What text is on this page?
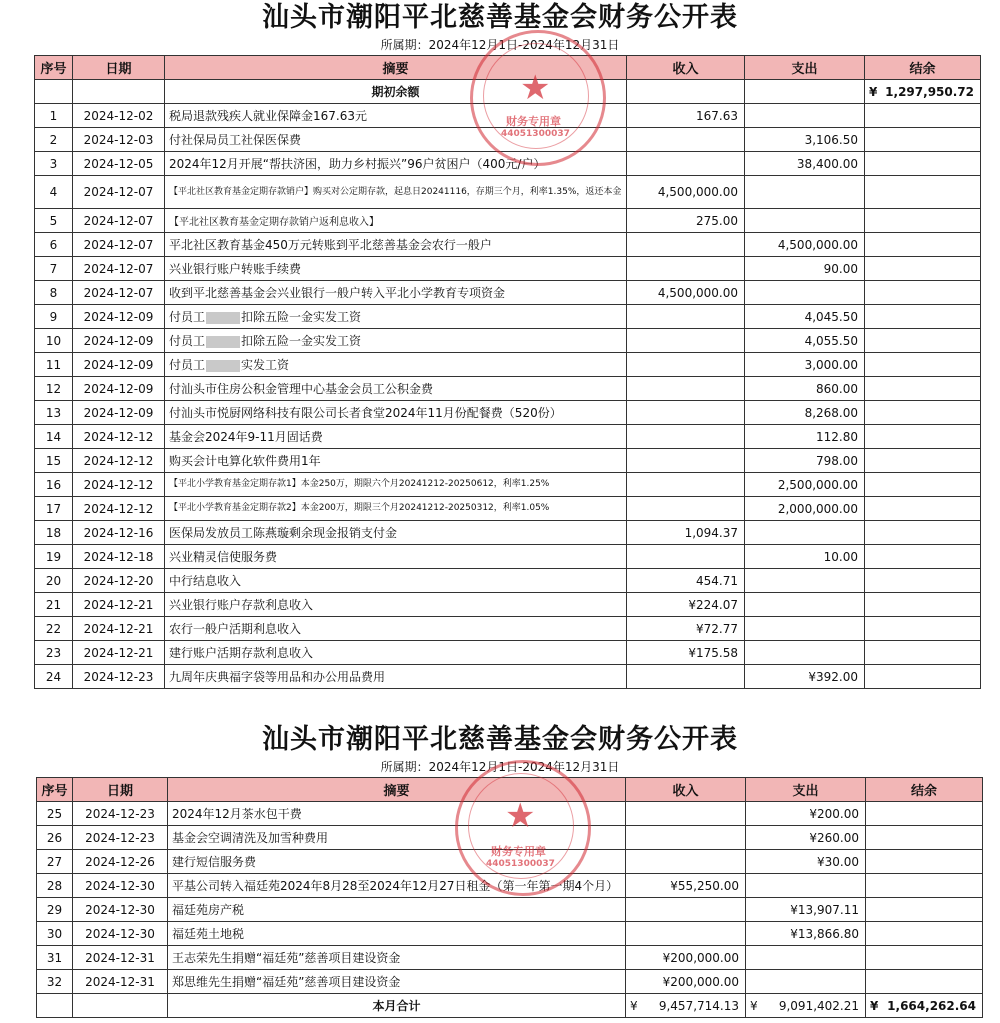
汕头市潮阳平北慈善基金会财务公开表
所属期：2024年12月1日-2024年12月31日
序号	日期	摘要	收入	支出	结余
		期初余额			¥ 1,297,950.72
1	2024-12-02	税局退款残疾人就业保障金167.63元	167.63		
2	2024-12-03	付社保局员工社保医保费		3,106.50	
3	2024-12-05	2024年12月开展“帮扶济困，助力乡村振兴”96户贫困户（400元/户）		38,400.00	
4	2024-12-07	【平北社区教育基金定期存款销户】购买对公定期存款，起息日20241116，存期三个月，利率1.35%，返还本金	4,500,000.00		
5	2024-12-07	【平北社区教育基金定期存款销户返利息收入】	275.00		
6	2024-12-07	平北社区教育基金450万元转账到平北慈善基金会农行一般户		4,500,000.00	
7	2024-12-07	兴业银行账户转账手续费		90.00	
8	2024-12-07	收到平北慈善基金会兴业银行一般户转入平北小学教育专项资金	4,500,000.00		
9	2024-12-09	付员工 扣除五险一金实发工资		4,045.50	
10	2024-12-09	付员工 扣除五险一金实发工资		4,055.50	
11	2024-12-09	付员工 实发工资		3,000.00	
12	2024-12-09	付汕头市住房公积金管理中心基金会员工公积金费		860.00	
13	2024-12-09	付汕头市悦厨网络科技有限公司长者食堂2024年11月份配餐费（520份）		8,268.00	
14	2024-12-12	基金会2024年9-11月固话费		112.80	
15	2024-12-12	购买会计电算化软件费用1年		798.00	
16	2024-12-12	【平北小学教育基金定期存款1】本金250万，期限六个月20241212-20250612，利率1.25%		2,500,000.00	
17	2024-12-12	【平北小学教育基金定期存款2】本金200万，期限三个月20241212-20250312，利率1.05%		2,000,000.00	
18	2024-12-16	医保局发放员工陈燕璇剩余现金报销支付金	1,094.37		
19	2024-12-18	兴业精灵信使服务费		10.00	
20	2024-12-20	中行结息收入	454.71		
21	2024-12-21	兴业银行账户存款利息收入	¥224.07		
22	2024-12-21	农行一般户活期利息收入	¥72.77		
23	2024-12-21	建行账户活期存款利息收入	¥175.58		
24	2024-12-23	九周年庆典福字袋等用品和办公用品费用		¥392.00	
★
财务专用章
44051300037
汕头市潮阳平北慈善基金会财务公开表
所属期：2024年12月1日-2024年12月31日
序号	日期	摘要	收入	支出	结余
25	2024-12-23	2024年12月茶水包干费		¥200.00	
26	2024-12-23	基金会空调清洗及加雪种费用		¥260.00	
27	2024-12-26	建行短信服务费		¥30.00	
28	2024-12-30	平基公司转入福廷苑2024年8月28至2024年12月27日租金（第一年第一期4个月）	¥55,250.00		
29	2024-12-30	福廷苑房产税		¥13,907.11	
30	2024-12-30	福廷苑土地税		¥13,866.80	
31	2024-12-31	王志荣先生捐赠“福廷苑”慈善项目建设资金	¥200,000.00		
32	2024-12-31	郑思维先生捐赠“福廷苑”慈善项目建设资金	¥200,000.00		
		本月合计	¥ 9,457,714.13	¥ 9,091,402.21	¥ 1,664,262.64
★
财务专用章
44051300037
